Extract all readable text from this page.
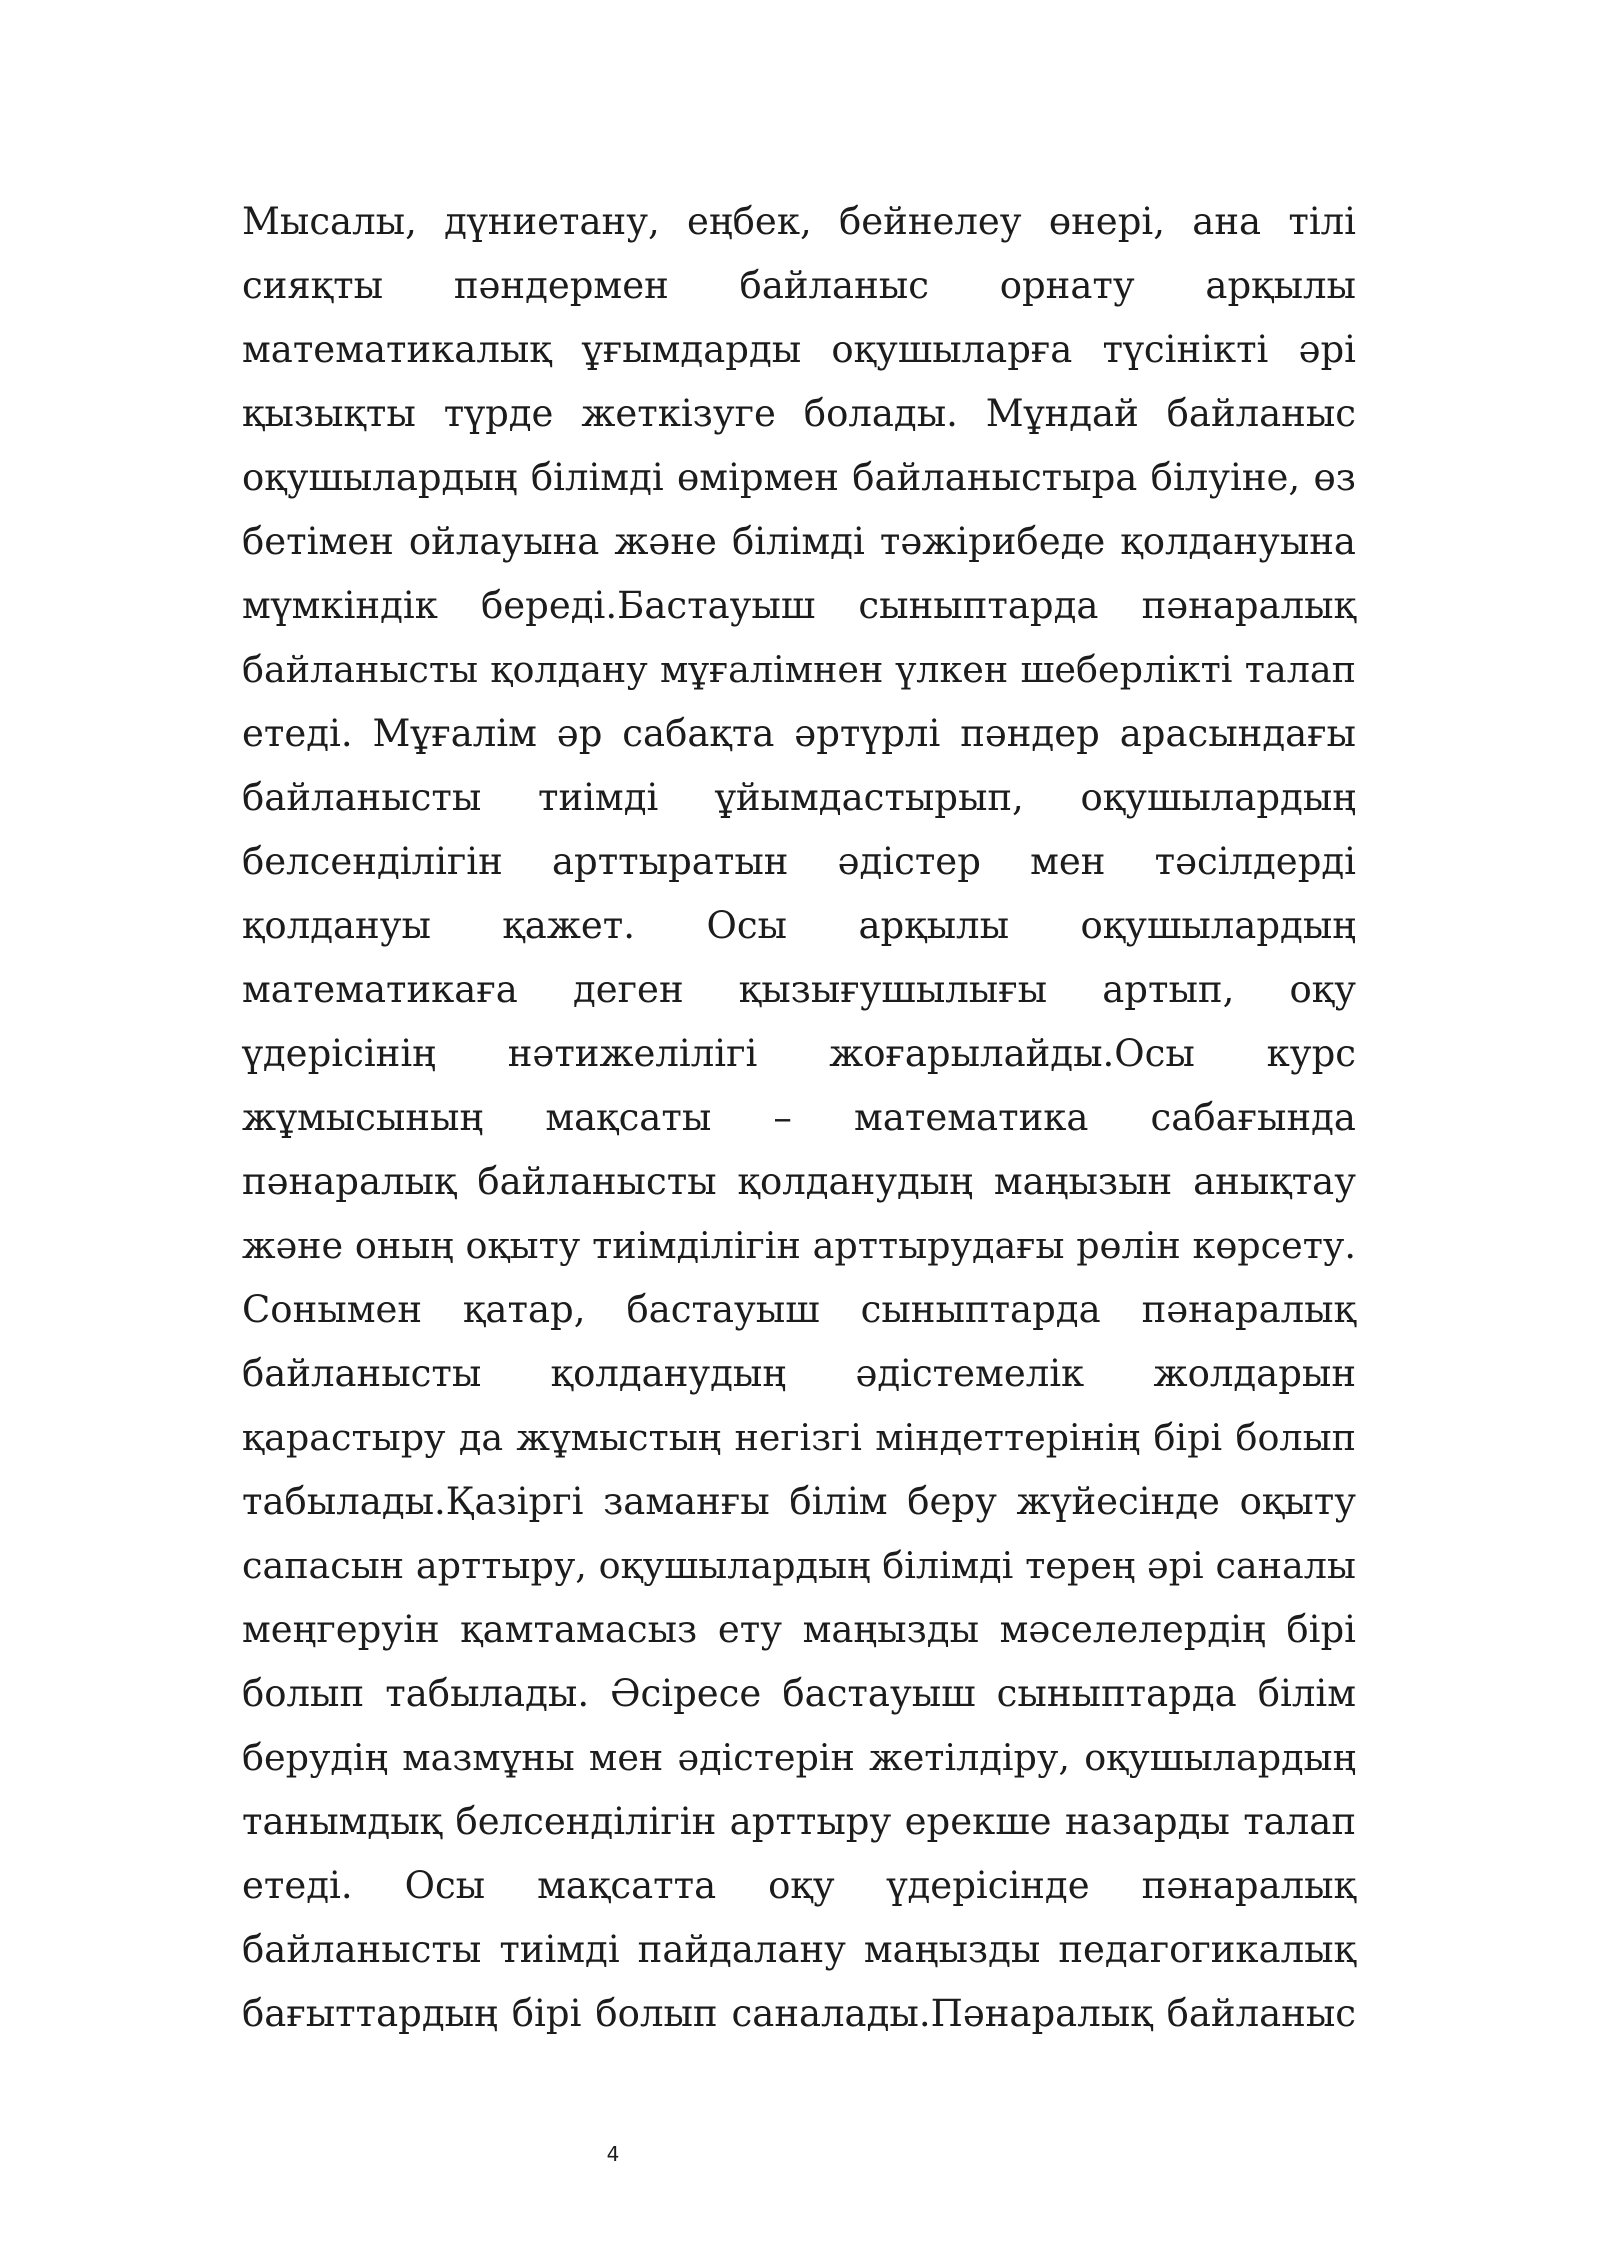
Мысалы, дүниетану, еңбек, бейнелеу өнері, ана тілі
сияқты пәндермен байланыс орнату арқылы
математикалық ұғымдарды оқушыларға түсінікті әрі
қызықты түрде жеткізуге болады. Мұндай байланыс
оқушылардың білімді өмірмен байланыстыра білуіне, өз
бетімен ойлауына және білімді тәжірибеде қолдануына
мүмкіндік береді.Бастауыш сыныптарда пәнаралық
байланысты қолдану мұғалімнен үлкен шеберлікті талап
етеді. Мұғалім әр сабақта әртүрлі пәндер арасындағы
байланысты тиімді ұйымдастырып, оқушылардың
белсенділігін арттыратын әдістер мен тәсілдерді
қолдануы қажет. Осы арқылы оқушылардың
математикаға деген қызығушылығы артып, оқу
үдерісінің нәтижелілігі жоғарылайды.Осы курс
жұмысының мақсаты – математика сабағында
пәнаралық байланысты қолданудың маңызын анықтау
және оның оқыту тиімділігін арттырудағы рөлін көрсету.
Сонымен қатар, бастауыш сыныптарда пәнаралық
байланысты қолданудың әдістемелік жолдарын
қарастыру да жұмыстың негізгі міндеттерінің бірі болып
табылады.Қазіргі заманғы білім беру жүйесінде оқыту
сапасын арттыру, оқушылардың білімді терең әрі саналы
меңгеруін қамтамасыз ету маңызды мәселелердің бірі
болып табылады. Әсіресе бастауыш сыныптарда білім
берудің мазмұны мен әдістерін жетілдіру, оқушылардың
танымдық белсенділігін арттыру ерекше назарды талап
етеді. Осы мақсатта оқу үдерісінде пәнаралық
байланысты тиімді пайдалану маңызды педагогикалық
бағыттардың бірі болып саналады.Пәнаралық байланыс
4
